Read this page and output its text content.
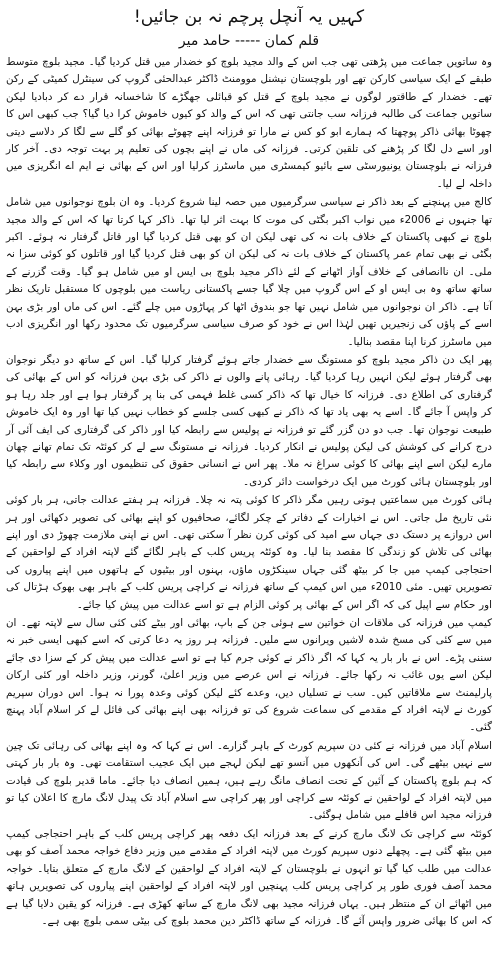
کہیں یہ آنچل پرچم نہ بن جائیں!
قلم کمان ----- حامد میر

وہ ساتویں جماعت میں پڑھتی تھی جب اس کے والد مجید بلوچ کو خضدار میں قتل کردیا گیا۔ مجید بلوچ متوسط طبقے کے ایک سیاسی کارکن تھے اور بلوچستان نیشنل موومنٹ ڈاکٹر عبدالحئی گروپ کی سینٹرل کمیٹی کے رکن تھے۔ خضدار کے طاقتور لوگوں نے مجید بلوچ کے قتل کو قبائلی جھگڑے کا شاخسانہ قرار دے کر دبادیا لیکن ساتویں جماعت کی طالبہ فرزانہ سب جانتی تھی کہ اس کے والد کو کیوں خاموش کرا دیا گیا؟ جب کبھی اس کا چھوٹا بھائی ذاکر پوچھتا کہ ہمارے ابو کو کس نے مارا تو فرزانہ اپنے چھوٹے بھائی کو گلے سے لگا کر دلاسے دیتی اور اسے دل لگا کر پڑھنے کی تلقین کرتی۔ فرزانہ کی ماں نے اپنے بچوں کی تعلیم پر بہت توجہ دی۔ آخر کار فرزانہ نے بلوچستان یونیورسٹی سے بائیو کیمسٹری میں ماسٹرز کرلیا اور اس کے بھائی نے ایم اے انگریزی میں داخلہ لے لیا۔

کالج میں پہنچنے کے بعد ذاکر نے سیاسی سرگرمیوں میں حصہ لینا شروع کردیا۔ وہ ان بلوچ نوجوانوں میں شامل تھا جنہوں نے 2006ء میں نواب اکبر بگٹی کی موت کا بہت اثر لیا تھا۔ ذاکر کہا کرتا تھا کہ اس کے والد مجید بلوچ نے کبھی پاکستان کے خلاف بات نہ کی تھی لیکن ان کو بھی قتل کردیا گیا اور قاتل گرفتار نہ ہوئے۔ اکبر بگٹی نے بھی تمام عمر پاکستان کے خلاف بات نہ کی لیکن ان کو بھی قتل کردیا گیا اور قاتلوں کو کوئی سزا نہ ملی۔ ان ناانصافی کے خلاف آواز اٹھانے کے لئے ذاکر مجید بلوچ بی ایس او میں شامل ہو گیا۔ وقت گزرنے کے ساتھ ساتھ وہ بی ایس او کے اس گروپ میں چلا گیا جسے پاکستانی ریاست میں بلوچوں کا مستقبل تاریک نظر آتا ہے۔ ذاکر ان نوجوانوں میں شامل نہیں تھا جو بندوق اٹھا کر پہاڑوں میں چلے گئے۔ اس کی ماں اور بڑی بہن اسے کے پاؤں کی زنجیریں تھیں لہٰذا اس نے خود کو صرف سیاسی سرگرمیوں تک محدود رکھا اور انگریزی ادب میں ماسٹرز کرنا اپنا مقصد بنالیا۔

پھر ایک دن ذاکر مجید بلوچ کو مستونگ سے خضدار جاتے ہوئے گرفتار کرلیا گیا۔ اس کے ساتھ دو دیگر نوجوان بھی گرفتار ہوئے لیکن انہیں رہا کردیا گیا۔ رہائی پانے والوں نے ذاکر کی بڑی بہن فرزانہ کو اس کے بھائی کی گرفتاری کی اطلاع دی۔ فرزانہ کا خیال تھا کہ ذاکر کسی غلط فہمی کی بنا پر گرفتار ہوا ہے اور جلد رہا ہو کر واپس آ جائے گا۔ اسے یہ بھی یاد تھا کہ ذاکر نے کبھی کسی جلسے کو خطاب نہیں کیا تھا اور وہ ایک خاموش طبیعت نوجوان تھا۔ جب دو دن گزر گئے تو فرزانہ نے پولیس سے رابطہ کیا اور ذاکر کی گرفتاری کی ایف آئی آر درج کرانے کی کوشش کی لیکن پولیس نے انکار کردیا۔ فرزانہ نے مستونگ سے لے کر کوئٹہ تک تمام تھانے چھان مارے لیکن اسے اپنے بھائی کا کوئی سراغ نہ ملا۔ پھر اس نے انسانی حقوق کی تنظیموں اور وکلاء سے رابطہ کیا اور بلوچستان ہائی کورٹ میں ایک درخواست دائر کردی۔

ہائی کورٹ میں سماعتیں ہوتی رہیں مگر ذاکر کا کوئی پتہ نہ چلا۔ فرزانہ ہر ہفتے عدالت جاتی، ہر بار کوئی نئی تاریخ مل جاتی۔ اس نے اخبارات کے دفاتر کے چکر لگائے، صحافیوں کو اپنے بھائی کی تصویر دکھائی اور ہر اس دروازے پر دستک دی جہاں سے امید کی کوئی کرن نظر آ سکتی تھی۔ اس نے اپنی ملازمت چھوڑ دی اور اپنے بھائی کی تلاش کو زندگی کا مقصد بنا لیا۔ وہ کوئٹہ پریس کلب کے باہر لگائے گئے لاپتہ افراد کے لواحقین کے احتجاجی کیمپ میں جا کر بیٹھ گئی جہاں سینکڑوں ماؤں، بہنوں اور بیٹیوں کے ہاتھوں میں اپنے پیاروں کی تصویریں تھیں۔ مئی 2010ء میں اس کیمپ کے ساتھ فرزانہ نے کراچی پریس کلب کے باہر بھی بھوک ہڑتال کی اور حکام سے اپیل کی کہ اگر اس کے بھائی پر کوئی الزام ہے تو اسے عدالت میں پیش کیا جائے۔

کیمپ میں فرزانہ کی ملاقات ان خواتین سے ہوئی جن کے باپ، بھائی اور بیٹے کئی کئی سال سے لاپتہ تھے۔ ان میں سے کئی کی مسخ شدہ لاشیں ویرانوں سے ملیں۔ فرزانہ ہر روز یہ دعا کرتی کہ اسے کبھی ایسی خبر نہ سننی پڑے۔ اس نے بار بار یہ کہا کہ اگر ذاکر نے کوئی جرم کیا ہے تو اسے عدالت میں پیش کر کے سزا دی جائے لیکن اسے یوں غائب نہ رکھا جائے۔ فرزانہ نے اس عرصے میں وزیر اعلیٰ، گورنر، وزیر داخلہ اور کئی ارکان پارلیمنٹ سے ملاقاتیں کیں۔ سب نے تسلیاں دیں، وعدے کئے لیکن کوئی وعدہ پورا نہ ہوا۔ اس دوران سپریم کورٹ نے لاپتہ افراد کے مقدمے کی سماعت شروع کی تو فرزانہ بھی اپنے بھائی کی فائل لے کر اسلام آباد پہنچ گئی۔

اسلام آباد میں فرزانہ نے کئی دن سپریم کورٹ کے باہر گزارے۔ اس نے کہا کہ وہ اپنے بھائی کی رہائی تک چین سے نہیں بیٹھے گی۔ اس کی آنکھوں میں آنسو تھے لیکن لہجے میں ایک عجیب استقامت تھی۔ وہ بار بار کہتی کہ ہم بلوچ پاکستان کے آئین کے تحت انصاف مانگ رہے ہیں، ہمیں انصاف دیا جائے۔ ماما قدیر بلوچ کی قیادت میں لاپتہ افراد کے لواحقین نے کوئٹہ سے کراچی اور پھر کراچی سے اسلام آباد تک پیدل لانگ مارچ کا اعلان کیا تو فرزانہ مجید اس قافلے میں شامل ہوگئی۔

کوئٹہ سے کراچی تک لانگ مارچ کرنے کے بعد فرزانہ ایک دفعہ پھر کراچی پریس کلب کے باہر احتجاجی کیمپ میں بیٹھ گئی ہے۔ پچھلے دنوں سپریم کورٹ میں لاپتہ افراد کے مقدمے میں وزیر دفاع خواجہ محمد آصف کو بھی عدالت میں طلب کیا گیا تو انہوں نے بلوچستان کے لاپتہ افراد کے لواحقین کے لانگ مارچ کے متعلق بتایا۔ خواجہ محمد آصف فوری طور پر کراچی پریس کلب پہنچیں اور لاپتہ افراد کے لواحقین اپنے پیاروں کی تصویریں ہاتھ میں اٹھائے ان کے منتظر ہیں۔ یہاں فرزانہ مجید بھی لانگ مارچ کے ساتھ کھڑی ہے۔ فرزانہ کو یقین دلایا گیا ہے کہ اس کا بھائی ضرور واپس آئے گا۔ فرزانہ کے ساتھ ڈاکٹر دین محمد بلوچ کی بیٹی سمی بلوچ بھی ہے۔
